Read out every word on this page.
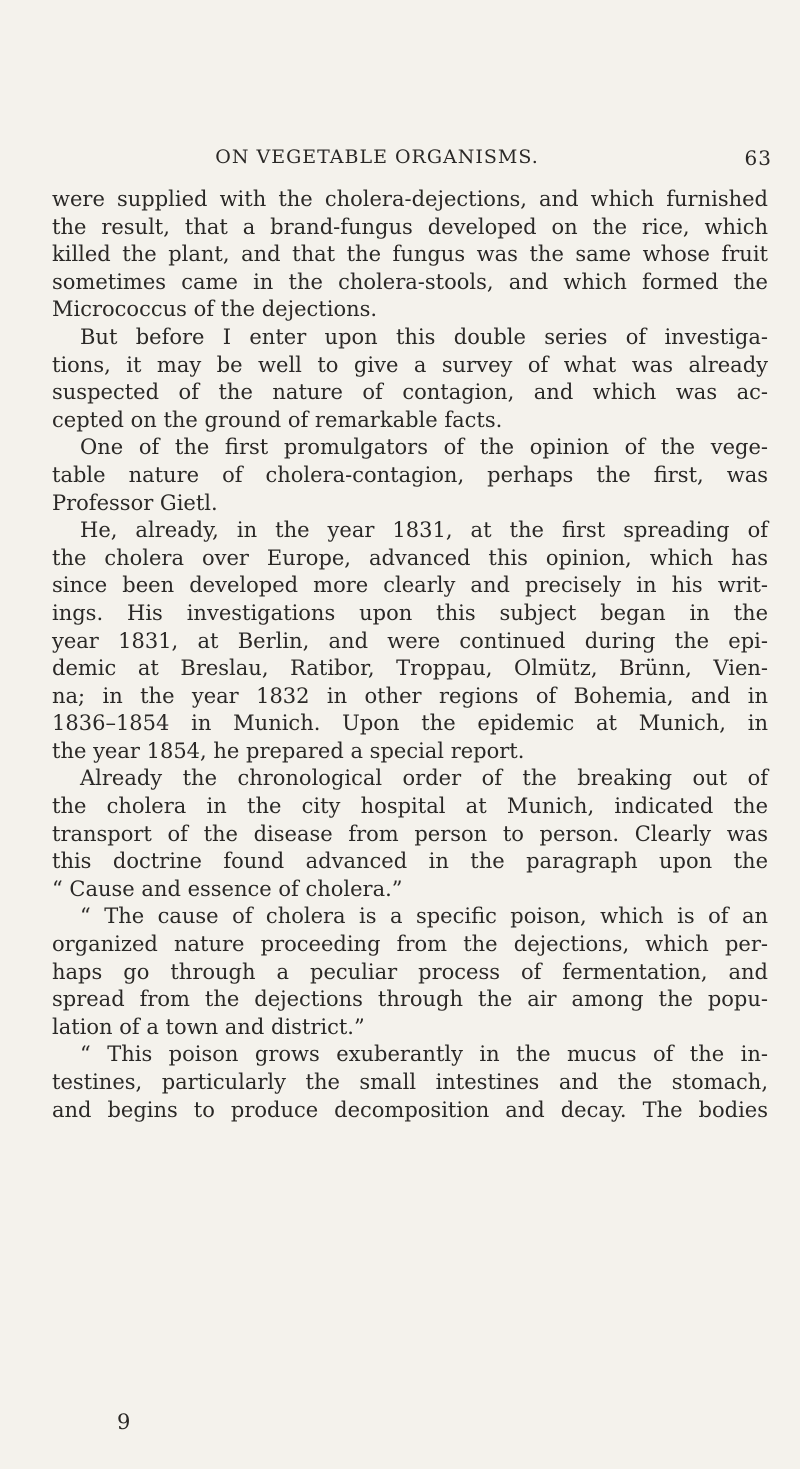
ON VEGETABLE ORGANISMS.	63
were supplied with the cholera-dejections, and which furnished
the result, that a brand-fungus developed on the rice, which
killed the plant, and that the fungus was the same whose fruit
sometimes came in the cholera-stools, and which formed the
Micrococcus of the dejections.
But before I enter upon this double series of investiga-
tions, it may be well to give a survey of what was already
suspected of the nature of contagion, and which was ac-
cepted on the ground of remarkable facts.
One of the first promulgators of the opinion of the vege-
table nature of cholera-contagion, perhaps the first, was
Professor Gietl.
He, already, in the year 1831, at the first spreading of
the cholera over Europe, advanced this opinion, which has
since been developed more clearly and precisely in his writ-
ings. His investigations upon this subject began in the
year 1831, at Berlin, and were continued during the epi-
demic at Breslau, Ratibor, Troppau, Olmütz, Brünn, Vien-
na; in the year 1832 in other regions of Bohemia, and in
1836–1854 in Munich. Upon the epidemic at Munich, in
the year 1854, he prepared a special report.
Already the chronological order of the breaking out of
the cholera in the city hospital at Munich, indicated the
transport of the disease from person to person. Clearly was
this doctrine found advanced in the paragraph upon the
“ Cause and essence of cholera.”
“ The cause of cholera is a specific poison, which is of an
organized nature proceeding from the dejections, which per-
haps go through a peculiar process of fermentation, and
spread from the dejections through the air among the popu-
lation of a town and district.”
“ This poison grows exuberantly in the mucus of the in-
testines, particularly the small intestines and the stomach,
and begins to produce decomposition and decay. The bodies
9
